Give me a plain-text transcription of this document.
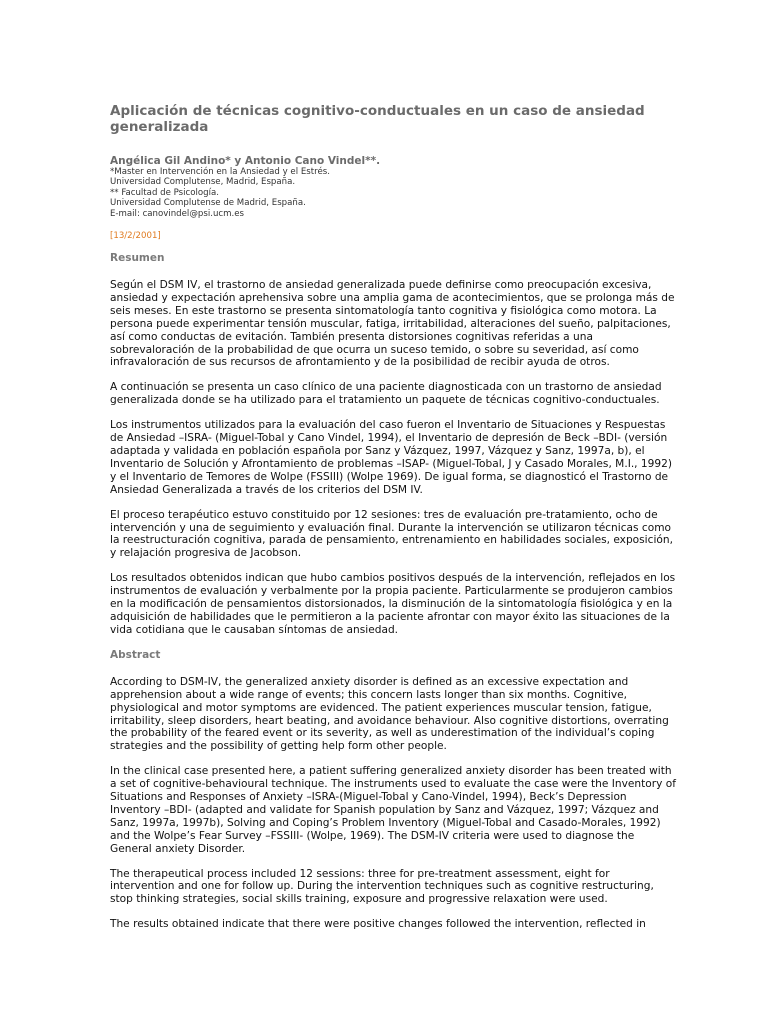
Aplicación de técnicas cognitivo-conductuales en un caso de ansiedad generalizada

Angélica Gil Andino* y Antonio Cano Vindel**.

*Master en Intervención en la Ansiedad y el Estrés.
Universidad Complutense, Madrid, España.
** Facultad de Psicología.
Universidad Complutense de Madrid, España.
E-mail: canovindel@psi.ucm.es

[13/2/2001]

Resumen

Según el DSM IV, el trastorno de ansiedad generalizada puede definirse como preocupación excesiva, ansiedad y expectación aprehensiva sobre una amplia gama de acontecimientos, que se prolonga más de seis meses. En este trastorno se presenta sintomatología tanto cognitiva y fisiológica como motora. La persona puede experimentar tensión muscular, fatiga, irritabilidad, alteraciones del sueño, palpitaciones, así como conductas de evitación. También presenta distorsiones cognitivas referidas a una sobrevaloración de la probabilidad de que ocurra un suceso temido, o sobre su severidad, así como infravaloración de sus recursos de afrontamiento y de la posibilidad de recibir ayuda de otros.

A continuación se presenta un caso clínico de una paciente diagnosticada con un trastorno de ansiedad generalizada donde se ha utilizado para el tratamiento un paquete de técnicas cognitivo-conductuales.

Los instrumentos utilizados para la evaluación del caso fueron el Inventario de Situaciones y Respuestas de Ansiedad –ISRA- (Miguel-Tobal y Cano Vindel, 1994), el Inventario de depresión de Beck –BDI- (versión adaptada y validada en población española por Sanz y Vázquez, 1997, Vázquez y Sanz, 1997a, b), el Inventario de Solución y Afrontamiento de problemas –ISAP- (Miguel-Tobal, J y Casado Morales, M.I., 1992) y el Inventario de Temores de Wolpe (FSSIII) (Wolpe 1969). De igual forma, se diagnosticó el Trastorno de Ansiedad Generalizada a través de los criterios del DSM IV.

El proceso terapéutico estuvo constituido por 12 sesiones: tres de evaluación pre-tratamiento, ocho de intervención y una de seguimiento y evaluación final. Durante la intervención se utilizaron técnicas como la reestructuración cognitiva, parada de pensamiento, entrenamiento en habilidades sociales, exposición, y relajación progresiva de Jacobson.

Los resultados obtenidos indican que hubo cambios positivos después de la intervención, reflejados en los instrumentos de evaluación y verbalmente por la propia paciente. Particularmente se produjeron cambios en la modificación de pensamientos distorsionados, la disminución de la sintomatología fisiológica y en la adquisición de habilidades que le permitieron a la paciente afrontar con mayor éxito las situaciones de la vida cotidiana que le causaban síntomas de ansiedad.

Abstract

According to DSM-IV, the generalized anxiety disorder is defined as an excessive expectation and apprehension about a wide range of events; this concern lasts longer than six months. Cognitive, physiological and motor symptoms are evidenced. The patient experiences muscular tension, fatigue, irritability, sleep disorders, heart beating, and avoidance behaviour. Also cognitive distortions, overrating the probability of the feared event or its severity, as well as underestimation of the individual’s coping strategies and the possibility of getting help form other people.

In the clinical case presented here, a patient suffering generalized anxiety disorder has been treated with a set of cognitive-behavioural technique. The instruments used to evaluate the case were the Inventory of Situations and Responses of Anxiety –ISRA-(Miguel-Tobal y Cano-Vindel, 1994), Beck’s Depression Inventory –BDI- (adapted and validate for Spanish population by Sanz and Vázquez, 1997; Vázquez and Sanz, 1997a, 1997b), Solving and Coping’s Problem Inventory (Miguel-Tobal and Casado-Morales, 1992) and the Wolpe’s Fear Survey –FSSIII- (Wolpe, 1969). The DSM-IV criteria were used to diagnose the General anxiety Disorder.

The therapeutical process included 12 sessions: three for pre-treatment assessment, eight for intervention and one for follow up. During the intervention techniques such as cognitive restructuring, stop thinking strategies, social skills training, exposure and progressive relaxation were used.

The results obtained indicate that there were positive changes followed the intervention, reflected in
